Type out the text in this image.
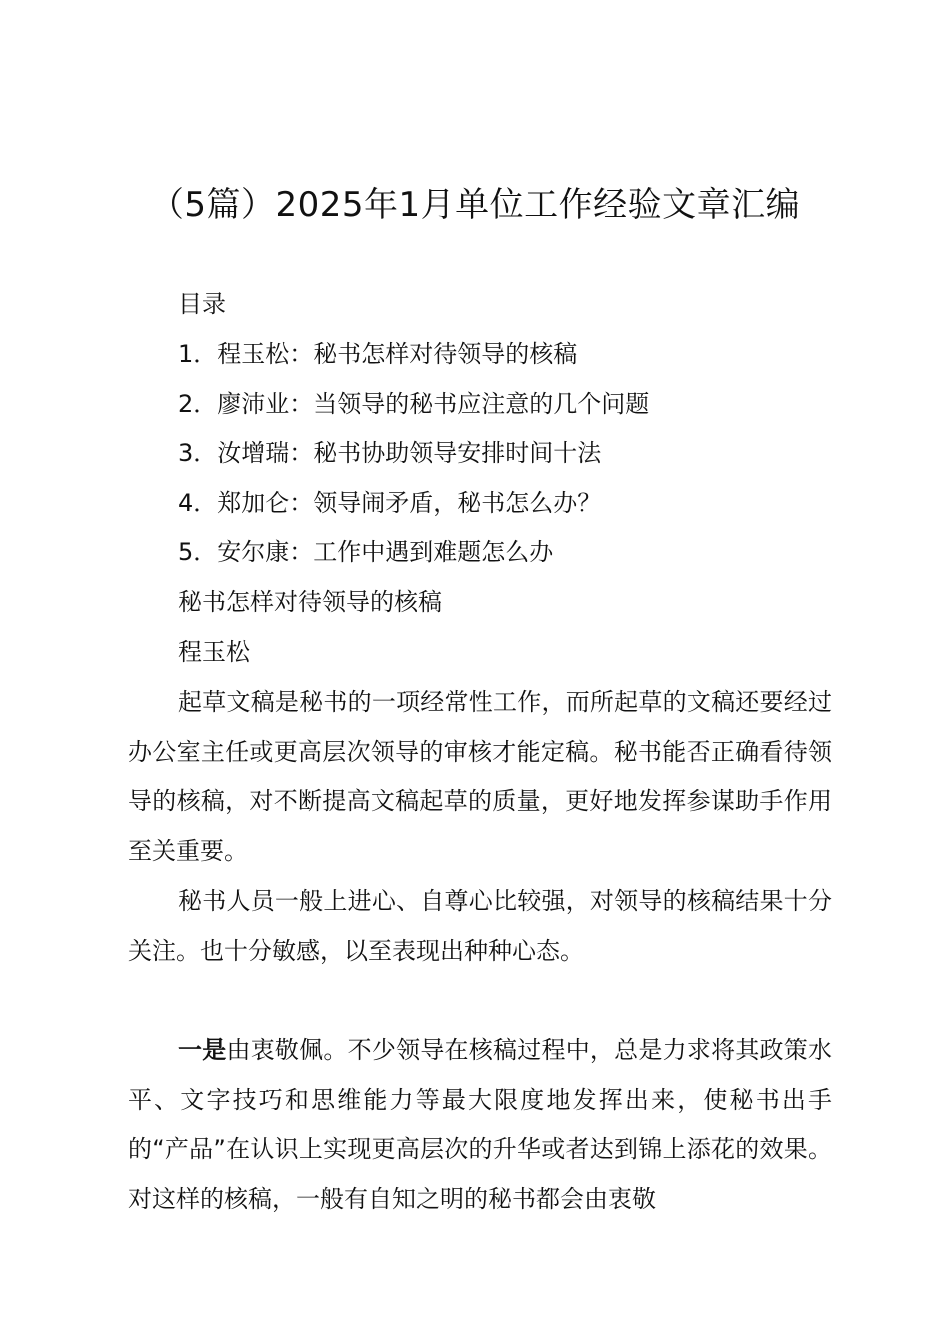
（5篇）2025年1月单位工作经验文章汇编
目录
1．程玉松：秘书怎样对待领导的核稿
2．廖沛业：当领导的秘书应注意的几个问题
3．汝增瑞：秘书协助领导安排时间十法
4．郑加仑：领导闹矛盾，秘书怎么办？
5．安尔康：工作中遇到难题怎么办
秘书怎样对待领导的核稿
程玉松

起草文稿是秘书的一项经常性工作，而所起草的文稿还要经过办公室主任或更高层次领导的审核才能定稿。秘书能否正确看待领导的核稿，对不断提高文稿起草的质量，更好地发挥参谋助手作用至关重要。

秘书人员一般上进心、自尊心比较强，对领导的核稿结果十分关注。也十分敏感，以至表现出种种心态。

一是由衷敬佩。不少领导在核稿过程中，总是力求将其政策水平、文字技巧和思维能力等最大限度地发挥出来，使秘书出手的“产品”在认识上实现更高层次的升华或者达到锦上添花的效果。对这样的核稿，一般有自知之明的秘书都会由衷敬
